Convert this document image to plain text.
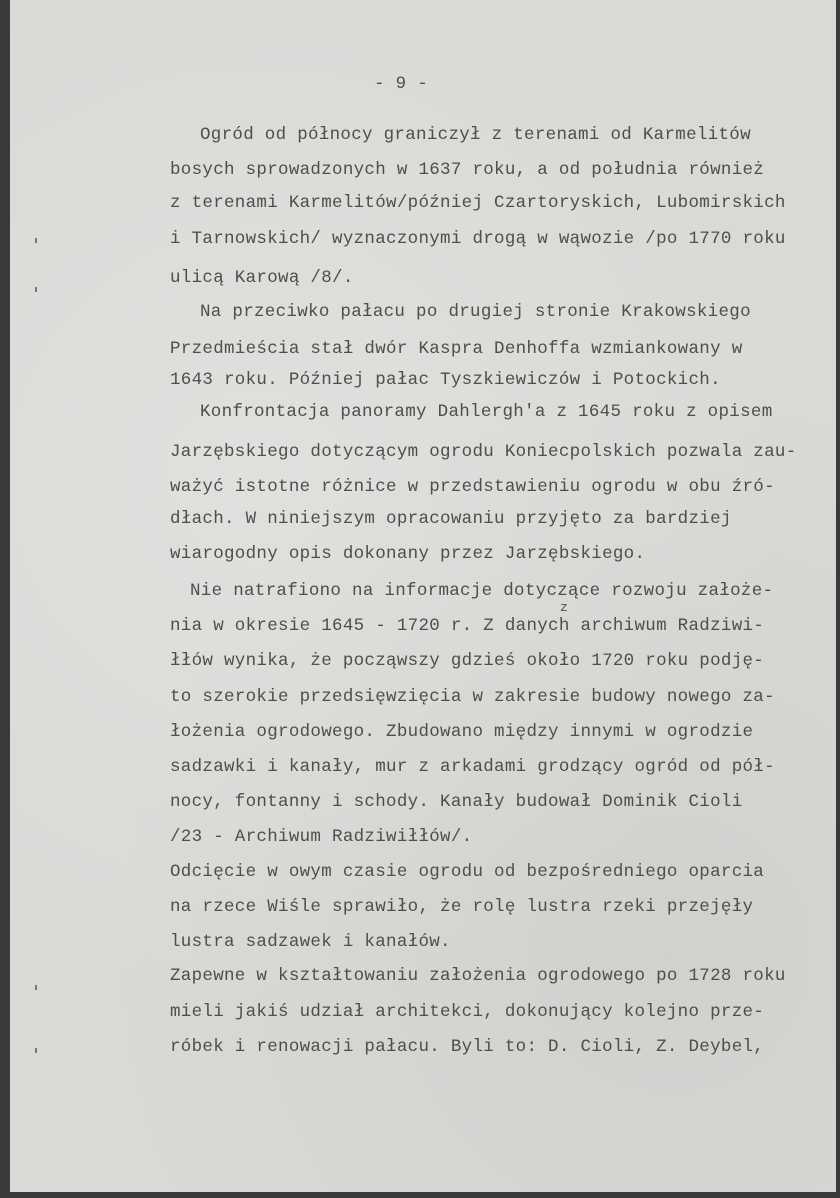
- 9 -
z
Ogród od północy graniczył z terenami od Karmelitów
bosych sprowadzonych w 1637 roku, a od południa również
z terenami Karmelitów/później Czartoryskich, Lubomirskich
i Tarnowskich/ wyznaczonymi drogą w wąwozie /po 1770 roku
ulicą Karową /8/.
Na przeciwko pałacu po drugiej stronie Krakowskiego
Przedmieścia stał dwór Kaspra Denhoffa wzmiankowany w
1643 roku. Później pałac Tyszkiewiczów i Potockich.
Konfrontacja panoramy Dahlergh'a z 1645 roku z opisem
Jarzębskiego dotyczącym ogrodu Koniecpolskich pozwala zau-
ważyć istotne różnice w przedstawieniu ogrodu w obu źró-
dłach. W niniejszym opracowaniu przyjęto za bardziej
wiarogodny opis dokonany przez Jarzębskiego.
Nie natrafiono na informacje dotyczące rozwoju założe-
nia w okresie 1645 - 1720 r. Z danych archiwum Radziwi-
łłów wynika, że począwszy gdzieś około 1720 roku podję-
to szerokie przedsięwzięcia w zakresie budowy nowego za-
łożenia ogrodowego. Zbudowano między innymi w ogrodzie
sadzawki i kanały, mur z arkadami grodzący ogród od pół-
nocy, fontanny i schody. Kanały budował Dominik Cioli
/23 - Archiwum Radziwiłłów/.
Odcięcie w owym czasie ogrodu od bezpośredniego oparcia
na rzece Wiśle sprawiło, że rolę lustra rzeki przejęły
lustra sadzawek i kanałów.
Zapewne w kształtowaniu założenia ogrodowego po 1728 roku
mieli jakiś udział architekci, dokonujący kolejno prze-
róbek i renowacji pałacu. Byli to: D. Cioli, Z. Deybel,
